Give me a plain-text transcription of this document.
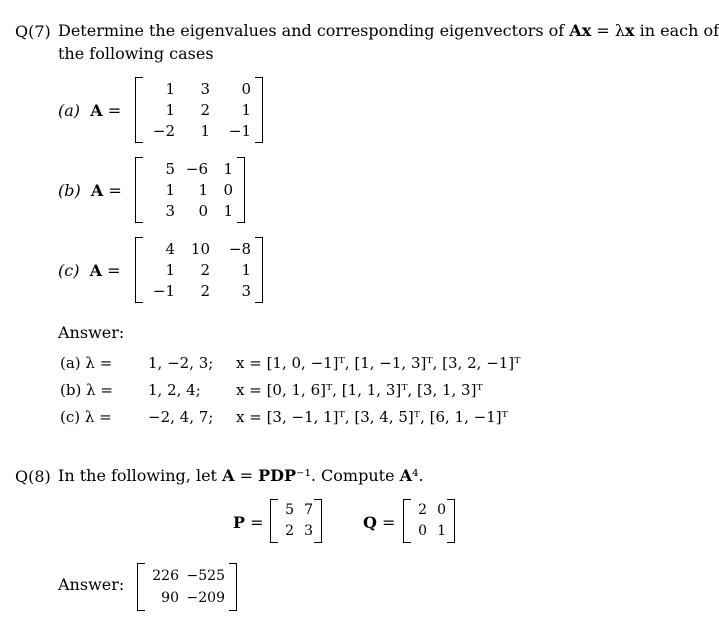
Q(7) Determine the eigenvalues and corresponding eigenvectors of Ax = λx in each of
the following cases
(a) A =
1	3	0
1	2	1
−2	1	−1
(b) A =
5 −6	1
1	1	0
3	0	1
(c) A =
4	10	−8
1	2	1
−1	2	3
Answer:
(a) λ = 1, −2, 3; x = [1, 0, −1]ᵀ, [1, −1, 3]ᵀ, [3, 2, −1]ᵀ
(b) λ = 1, 2, 4; x = [0, 1, 6]ᵀ, [1, 1, 3]ᵀ, [3, 1, 3]ᵀ
(c) λ = −2, 4, 7; x = [3, −1, 1]ᵀ, [3, 4, 5]ᵀ, [6, 1, −1]ᵀ
Q(8) In the following, let A = PDP⁻¹. Compute A⁴.
P =
5 7
2 3	Q =
2 0
0 1
Answer:	226 −525
90 −209
